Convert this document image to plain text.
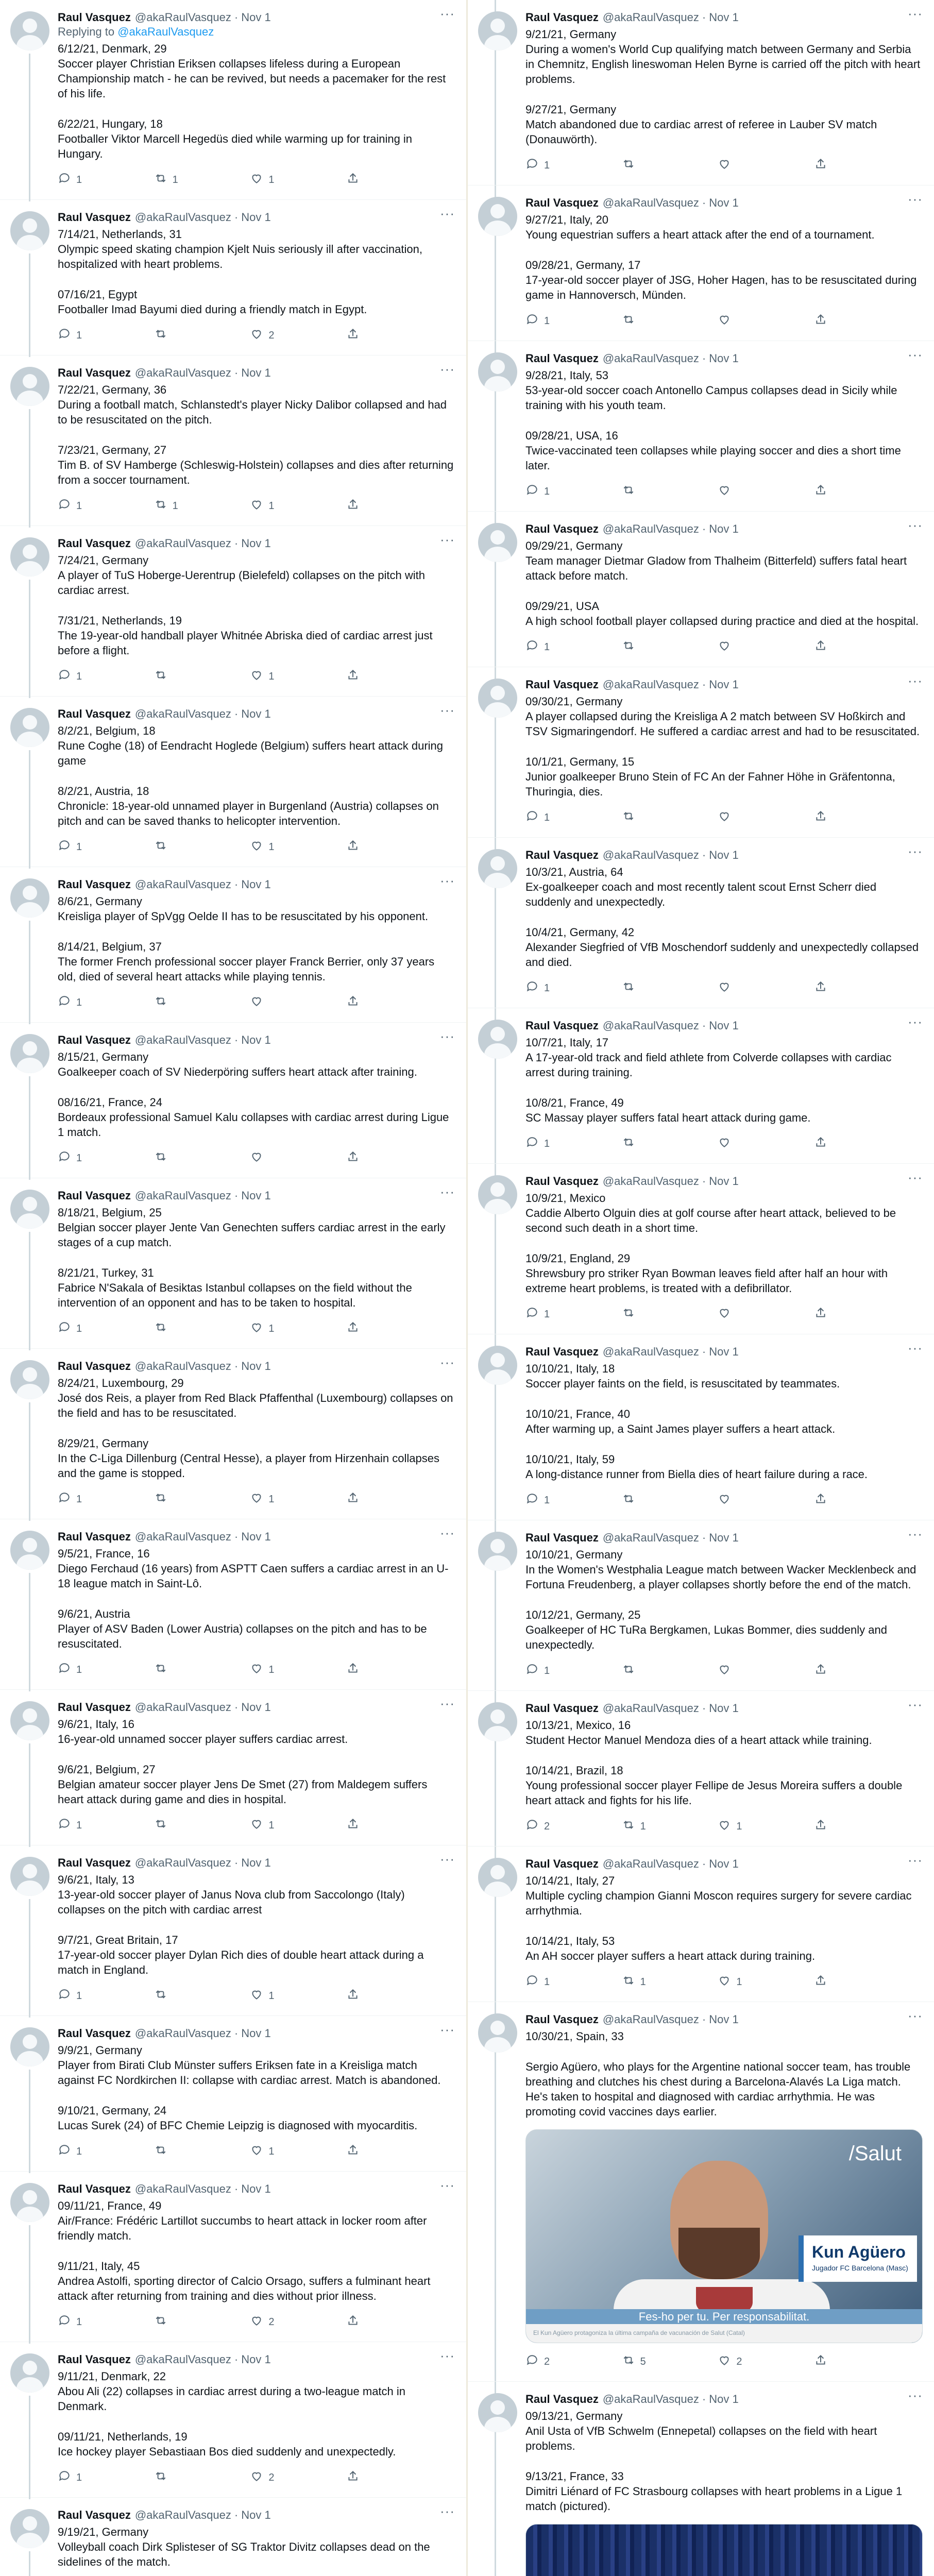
Raul Vasquez @akaRaulVasquez · Nov 1	···
Replying to @akaRaulVasquez
6/12/21, Denmark, 29
Soccer player Christian Eriksen collapses lifeless during a European Championship match - he can be revived, but needs a pacemaker for the rest of his life.
6/22/21, Hungary, 18
Footballer Viktor Marcell Hegedüs died while warming up for training in Hungary.
1	1	1
Raul Vasquez @akaRaulVasquez · Nov 1	···
7/14/21, Netherlands, 31
Olympic speed skating champion Kjelt Nuis seriously ill after vaccination, hospitalized with heart problems.
07/16/21, Egypt
Footballer Imad Bayumi died during a friendly match in Egypt.
1	2
Raul Vasquez @akaRaulVasquez · Nov 1	···
7/22/21, Germany, 36
During a football match, Schlanstedt's player Nicky Dalibor collapsed and had to be resuscitated on the pitch.
7/23/21, Germany, 27
Tim B. of SV Hamberge (Schleswig-Holstein) collapses and dies after returning from a soccer tournament.
1	1	1
Raul Vasquez @akaRaulVasquez · Nov 1	···
7/24/21, Germany
A player of TuS Hoberge-Uerentrup (Bielefeld) collapses on the pitch with cardiac arrest.
7/31/21, Netherlands, 19
The 19-year-old handball player Whitnée Abriska died of cardiac arrest just before a flight.
1	1
Raul Vasquez @akaRaulVasquez · Nov 1	···
8/2/21, Belgium, 18
Rune Coghe (18) of Eendracht Hoglede (Belgium) suffers heart attack during game
8/2/21, Austria, 18
Chronicle: 18-year-old unnamed player in Burgenland (Austria) collapses on pitch and can be saved thanks to helicopter intervention.
1	1
Raul Vasquez @akaRaulVasquez · Nov 1	···
8/6/21, Germany
Kreisliga player of SpVgg Oelde II has to be resuscitated by his opponent.
8/14/21, Belgium, 37
The former French professional soccer player Franck Berrier, only 37 years old, died of several heart attacks while playing tennis.
1
Raul Vasquez @akaRaulVasquez · Nov 1	···
8/15/21, Germany
Goalkeeper coach of SV Niederpöring suffers heart attack after training.
08/16/21, France, 24
Bordeaux professional Samuel Kalu collapses with cardiac arrest during Ligue 1 match.
1
Raul Vasquez @akaRaulVasquez · Nov 1	···
8/18/21, Belgium, 25
Belgian soccer player Jente Van Genechten suffers cardiac arrest in the early stages of a cup match.
8/21/21, Turkey, 31
Fabrice N'Sakala of Besiktas Istanbul collapses on the field without the intervention of an opponent and has to be taken to hospital.
1	1
Raul Vasquez @akaRaulVasquez · Nov 1	···
8/24/21, Luxembourg, 29
José dos Reis, a player from Red Black Pfaffenthal (Luxembourg) collapses on the field and has to be resuscitated.
8/29/21, Germany
In the C-Liga Dillenburg (Central Hesse), a player from Hirzenhain collapses and the game is stopped.
1	1
Raul Vasquez @akaRaulVasquez · Nov 1	···
9/5/21, France, 16
Diego Ferchaud (16 years) from ASPTT Caen suffers a cardiac arrest in an U-18 league match in Saint-Lô.
9/6/21, Austria
Player of ASV Baden (Lower Austria) collapses on the pitch and has to be resuscitated.
1	1
Raul Vasquez @akaRaulVasquez · Nov 1	···
9/6/21, Italy, 16
16-year-old unnamed soccer player suffers cardiac arrest.
9/6/21, Belgium, 27
Belgian amateur soccer player Jens De Smet (27) from Maldegem suffers heart attack during game and dies in hospital.
1	1
Raul Vasquez @akaRaulVasquez · Nov 1	···
9/6/21, Italy, 13
13-year-old soccer player of Janus Nova club from Saccolongo (Italy) collapses on the pitch with cardiac arrest
9/7/21, Great Britain, 17
17-year-old soccer player Dylan Rich dies of double heart attack during a match in England.
1	1
Raul Vasquez @akaRaulVasquez · Nov 1	···
9/9/21, Germany
Player from Birati Club Münster suffers Eriksen fate in a Kreisliga match against FC Nordkirchen II: collapse with cardiac arrest. Match is abandoned.
9/10/21, Germany, 24
Lucas Surek (24) of BFC Chemie Leipzig is diagnosed with myocarditis.
1	1
Raul Vasquez @akaRaulVasquez · Nov 1	···
09/11/21, France, 49
Air/France: Frédéric Lartillot succumbs to heart attack in locker room after friendly match.
9/11/21, Italy, 45
Andrea Astolfi, sporting director of Calcio Orsago, suffers a fulminant heart attack after returning from training and dies without prior illness.
1	2
Raul Vasquez @akaRaulVasquez · Nov 1	···
9/11/21, Denmark, 22
Abou Ali (22) collapses in cardiac arrest during a two-league match in Denmark.
09/11/21, Netherlands, 19
Ice hockey player Sebastiaan Bos died suddenly and unexpectedly.
1	2
Raul Vasquez @akaRaulVasquez · Nov 1	···
9/19/21, Germany
Volleyball coach Dirk Splisteser of SG Traktor Divitz collapses dead on the sidelines of the match.
Raul Vasquez @akaRaulVasquez · Nov 1	···
9/21/21, Germany
During a women's World Cup qualifying match between Germany and Serbia in Chemnitz, English lineswoman Helen Byrne is carried off the pitch with heart problems.
9/27/21, Germany
Match abandoned due to cardiac arrest of referee in Lauber SV match (Donauwörth).
1
Raul Vasquez @akaRaulVasquez · Nov 1	···
9/27/21, Italy, 20
Young equestrian suffers a heart attack after the end of a tournament.
09/28/21, Germany, 17
17-year-old soccer player of JSG, Hoher Hagen, has to be resuscitated during game in Hannoversch, Münden.
1
Raul Vasquez @akaRaulVasquez · Nov 1	···
9/28/21, Italy, 53
53-year-old soccer coach Antonello Campus collapses dead in Sicily while training with his youth team.
09/28/21, USA, 16
Twice-vaccinated teen collapses while playing soccer and dies a short time later.
1
Raul Vasquez @akaRaulVasquez · Nov 1	···
09/29/21, Germany
Team manager Dietmar Gladow from Thalheim (Bitterfeld) suffers fatal heart attack before match.
09/29/21, USA
A high school football player collapsed during practice and died at the hospital.
1
Raul Vasquez @akaRaulVasquez · Nov 1	···
09/30/21, Germany
A player collapsed during the Kreisliga A 2 match between SV Hoßkirch and TSV Sigmaringendorf. He suffered a cardiac arrest and had to be resuscitated.
10/1/21, Germany, 15
Junior goalkeeper Bruno Stein of FC An der Fahner Höhe in Gräfentonna, Thuringia, dies.
1
Raul Vasquez @akaRaulVasquez · Nov 1	···
10/3/21, Austria, 64
Ex-goalkeeper coach and most recently talent scout Ernst Scherr died suddenly and unexpectedly.
10/4/21, Germany, 42
Alexander Siegfried of VfB Moschendorf suddenly and unexpectedly collapsed and died.
1
Raul Vasquez @akaRaulVasquez · Nov 1	···
10/7/21, Italy, 17
A 17-year-old track and field athlete from Colverde collapses with cardiac arrest during training.
10/8/21, France, 49
SC Massay player suffers fatal heart attack during game.
1
Raul Vasquez @akaRaulVasquez · Nov 1	···
10/9/21, Mexico
Caddie Alberto Olguin dies at golf course after heart attack, believed to be second such death in a short time.
10/9/21, England, 29
Shrewsbury pro striker Ryan Bowman leaves field after half an hour with extreme heart problems, is treated with a defibrillator.
1
Raul Vasquez @akaRaulVasquez · Nov 1	···
10/10/21, Italy, 18
Soccer player faints on the field, is resuscitated by teammates.
10/10/21, France, 40
After warming up, a Saint James player suffers a heart attack.
10/10/21, Italy, 59
A long-distance runner from Biella dies of heart failure during a race.
1
Raul Vasquez @akaRaulVasquez · Nov 1	···
10/10/21, Germany
In the Women's Westphalia League match between Wacker Mecklenbeck and Fortuna Freudenberg, a player collapses shortly before the end of the match.
10/12/21, Germany, 25
Goalkeeper of HC TuRa Bergkamen, Lukas Bommer, dies suddenly and unexpectedly.
1
Raul Vasquez @akaRaulVasquez · Nov 1	···
10/13/21, Mexico, 16
Student Hector Manuel Mendoza dies of a heart attack while training.
10/14/21, Brazil, 18
Young professional soccer player Fellipe de Jesus Moreira suffers a double heart attack and fights for his life.
2	1	1
Raul Vasquez @akaRaulVasquez · Nov 1	···
10/14/21, Italy, 27
Multiple cycling champion Gianni Moscon requires surgery for severe cardiac arrhythmia.
10/14/21, Italy, 53
An AH soccer player suffers a heart attack during training.
1	1	1
Raul Vasquez @akaRaulVasquez · Nov 1	···
10/30/21, Spain, 33
Sergio Agüero, who plays for the Argentine national soccer team, has trouble breathing and clutches his chest during a Barcelona-Alavés La Liga match. He's taken to hospital and diagnosed with cardiac arrhythmia. He was promoting covid vaccines days earlier.
/Salut
Kun Agüero
Jugador FC Barcelona (Masc)
Fes-ho per tu. Per responsabilitat.
El Kun Agüero protagoniza la última campaña de vacunación de Salut (Catal)
2	5	2
Raul Vasquez @akaRaulVasquez · Nov 1	···
09/13/21, Germany
Anil Usta of VfB Schwelm (Ennepetal) collapses on the field with heart problems.
9/13/21, France, 33
Dimitri Liénard of FC Strasbourg collapses with heart problems in a Ligue 1 match (pictured).
